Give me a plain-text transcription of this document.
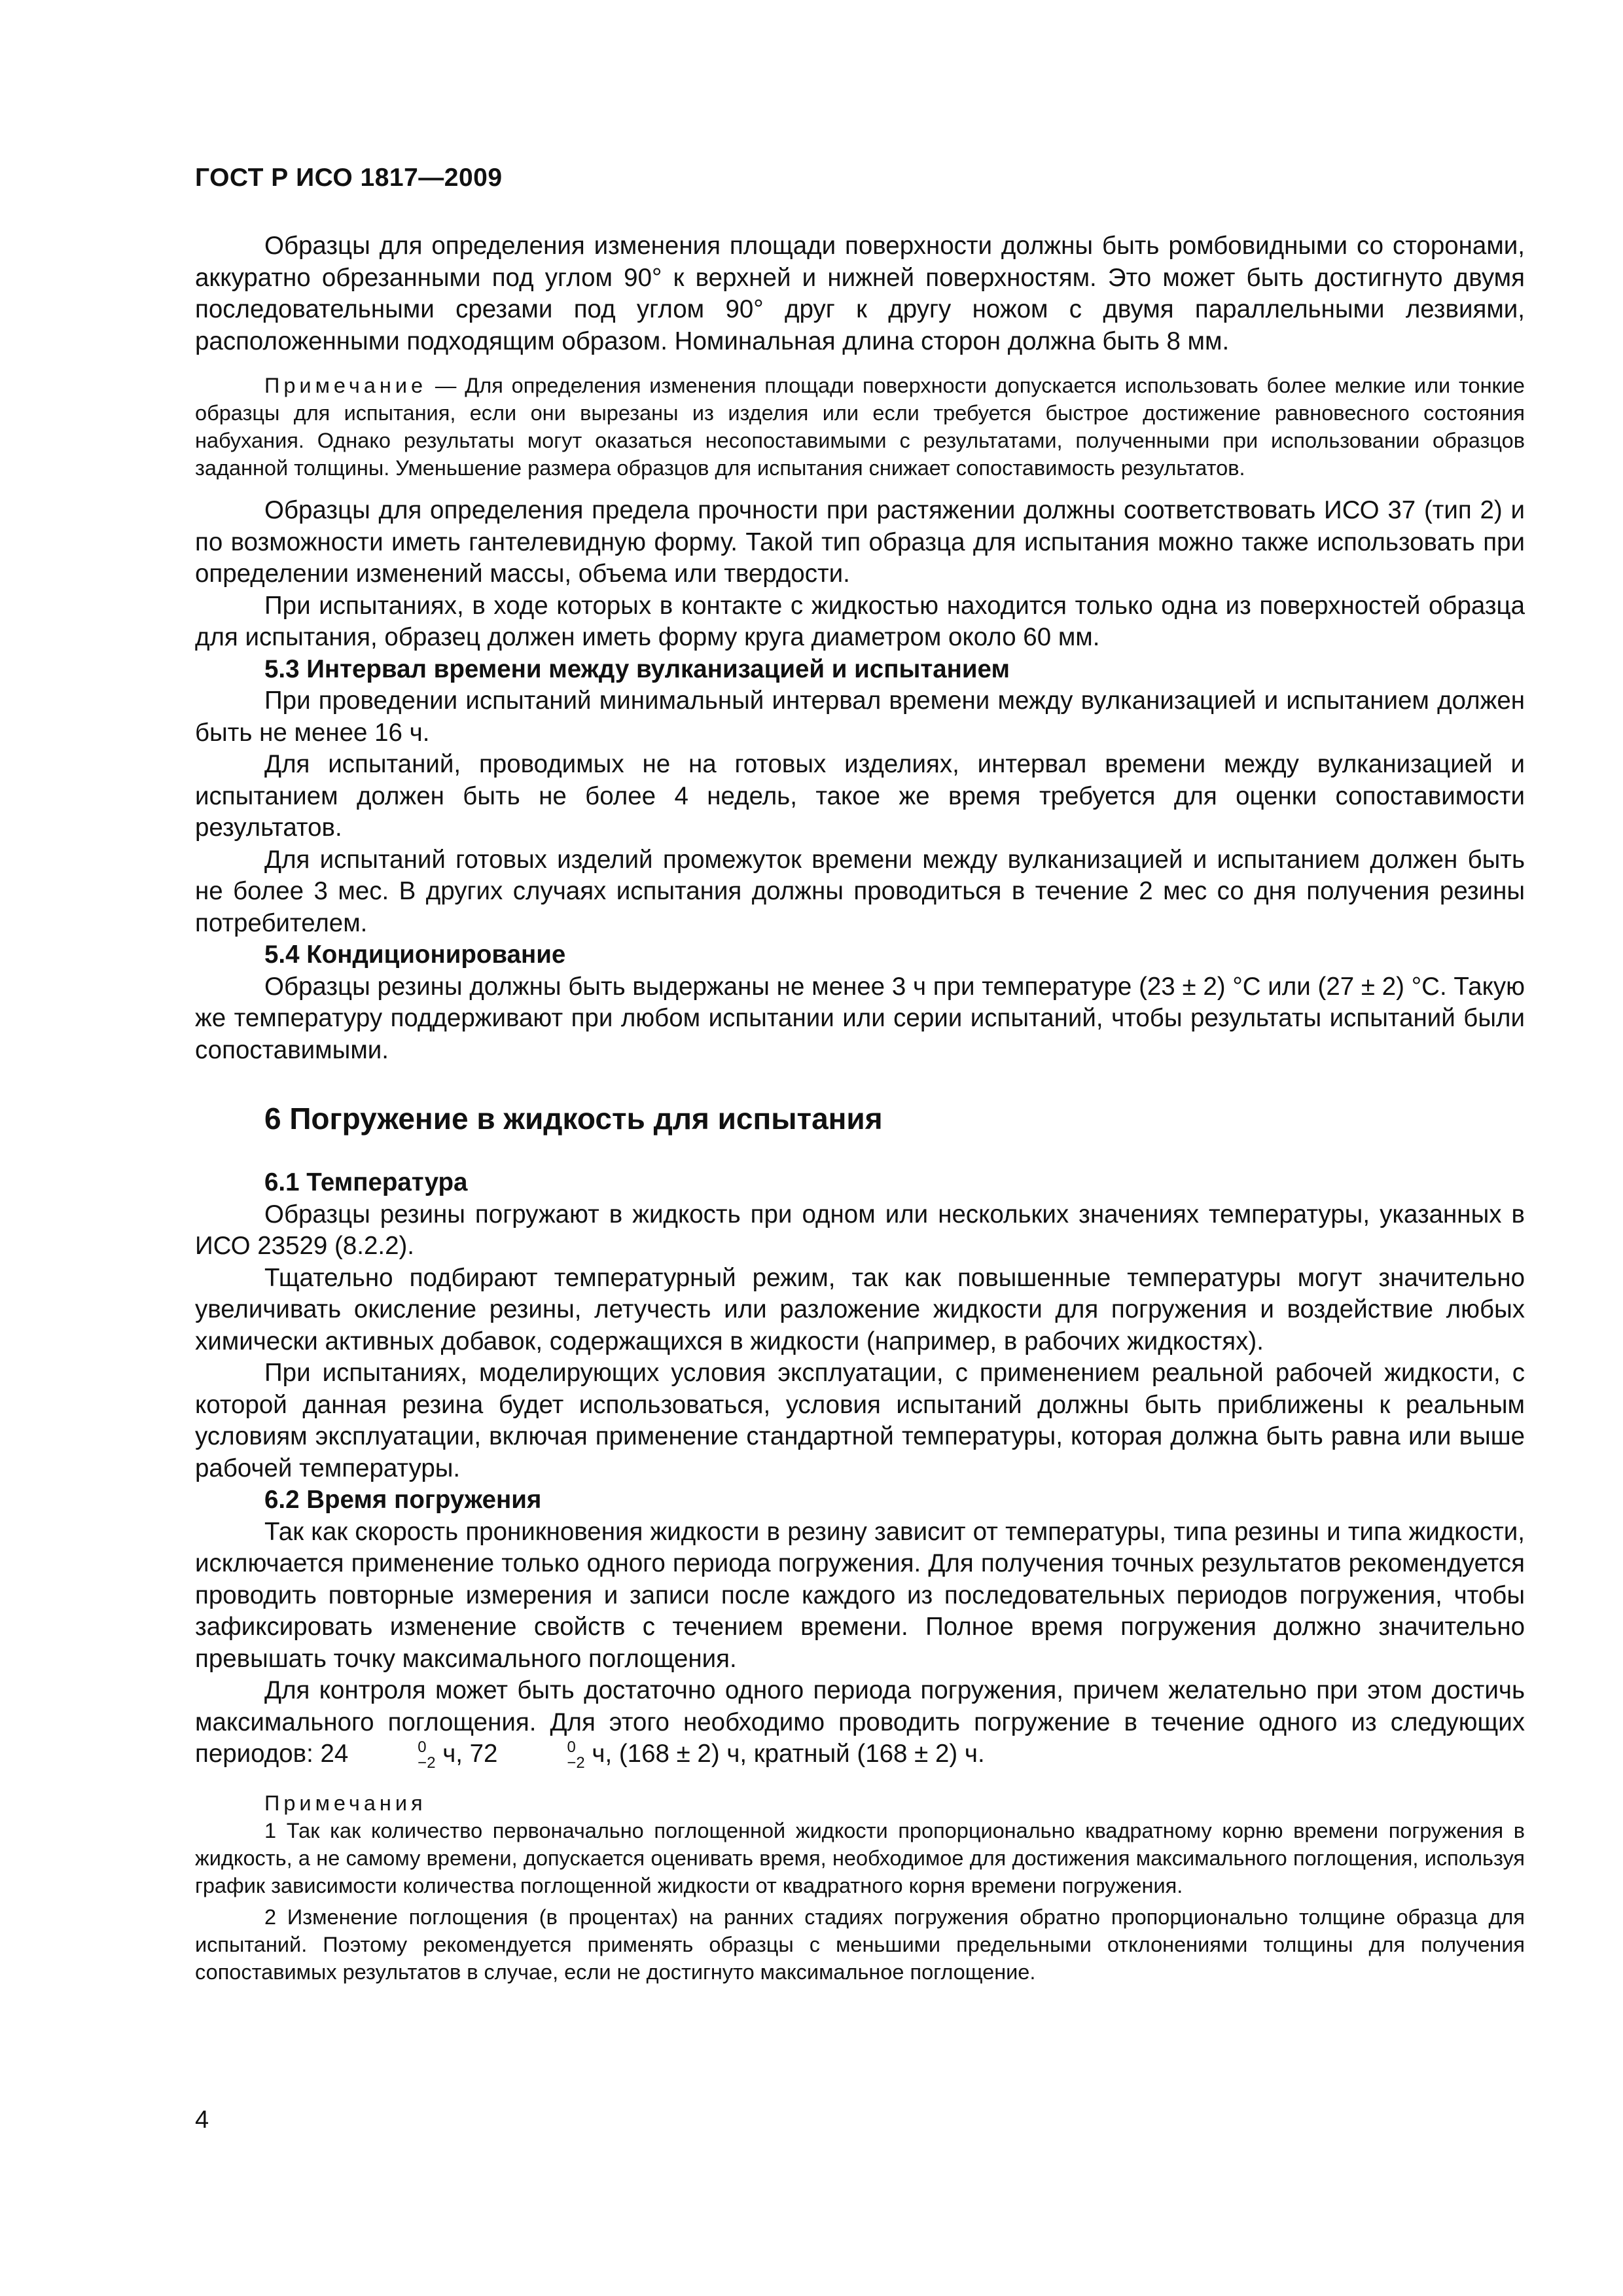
ГОСТ Р ИСО 1817—2009

Образцы для определения изменения площади поверхности должны быть ромбовидными со сторонами, аккуратно обрезанными под углом 90° к верхней и нижней поверхностям. Это может быть достигнуто двумя последовательными срезами под углом 90° друг к другу ножом с двумя параллельными лезвиями, расположенными подходящим образом. Номинальная длина сторон должна быть 8 мм.

Примечание — Для определения изменения площади поверхности допускается использовать более мелкие или тонкие образцы для испытания, если они вырезаны из изделия или если требуется быстрое достижение равновесного состояния набухания. Однако результаты могут оказаться несопоставимыми с результатами, полученными при использовании образцов заданной толщины. Уменьшение размера образцов для испытания снижает сопоставимость результатов.

Образцы для определения предела прочности при растяжении должны соответствовать ИСО 37 (тип 2) и по возможности иметь гантелевидную форму. Такой тип образца для испытания можно также использовать при определении изменений массы, объема или твердости.

При испытаниях, в ходе которых в контакте с жидкостью находится только одна из поверхностей образца для испытания, образец должен иметь форму круга диаметром около 60 мм.

5.3 Интервал времени между вулканизацией и испытанием

При проведении испытаний минимальный интервал времени между вулканизацией и испытанием должен быть не менее 16 ч.

Для испытаний, проводимых не на готовых изделиях, интервал времени между вулканизацией и испытанием должен быть не более 4 недель, такое же время требуется для оценки сопоставимости результатов.

Для испытаний готовых изделий промежуток времени между вулканизацией и испытанием должен быть не более 3 мес. В других случаях испытания должны проводиться в течение 2 мес со дня получения резины потребителем.

5.4 Кондиционирование

Образцы резины должны быть выдержаны не менее 3 ч при температуре (23 ± 2) °С или (27 ± 2) °С. Такую же температуру поддерживают при любом испытании или серии испытаний, чтобы результаты испытаний были сопоставимыми.

6 Погружение в жидкость для испытания

6.1 Температура

Образцы резины погружают в жидкость при одном или нескольких значениях температуры, указанных в ИСО 23529 (8.2.2).

Тщательно подбирают температурный режим, так как повышенные температуры могут значительно увеличивать окисление резины, летучесть или разложение жидкости для погружения и воздействие любых химически активных добавок, содержащихся в жидкости (например, в рабочих жидкостях).

При испытаниях, моделирующих условия эксплуатации, с применением реальной рабочей жидкости, с которой данная резина будет использоваться, условия испытаний должны быть приближены к реальным условиям эксплуатации, включая применение стандартной температуры, которая должна быть равна или выше рабочей температуры.

6.2 Время погружения

Так как скорость проникновения жидкости в резину зависит от температуры, типа резины и типа жидкости, исключается применение только одного периода погружения. Для получения точных результатов рекомендуется проводить повторные измерения и записи после каждого из последовательных периодов погружения, чтобы зафиксировать изменение свойств с течением времени. Полное время погружения должно значительно превышать точку максимального поглощения.

Для контроля может быть достаточно одного периода погружения, причем желательно при этом достичь максимального поглощения. Для этого необходимо проводить погружение в течение одного из следующих периодов: 24	0
−2 ч, 72	0
−2 ч, (168 ± 2) ч, кратный (168 ± 2) ч.

Примечания

1 Так как количество первоначально поглощенной жидкости пропорционально квадратному корню времени погружения в жидкость, а не самому времени, допускается оценивать время, необходимое для достижения максимального поглощения, используя график зависимости количества поглощенной жидкости от квадратного корня времени погружения.

2 Изменение поглощения (в процентах) на ранних стадиях погружения обратно пропорционально толщине образца для испытаний. Поэтому рекомендуется применять образцы с меньшими предельными отклонениями толщины для получения сопоставимых результатов в случае, если не достигнуто максимальное поглощение.

4
